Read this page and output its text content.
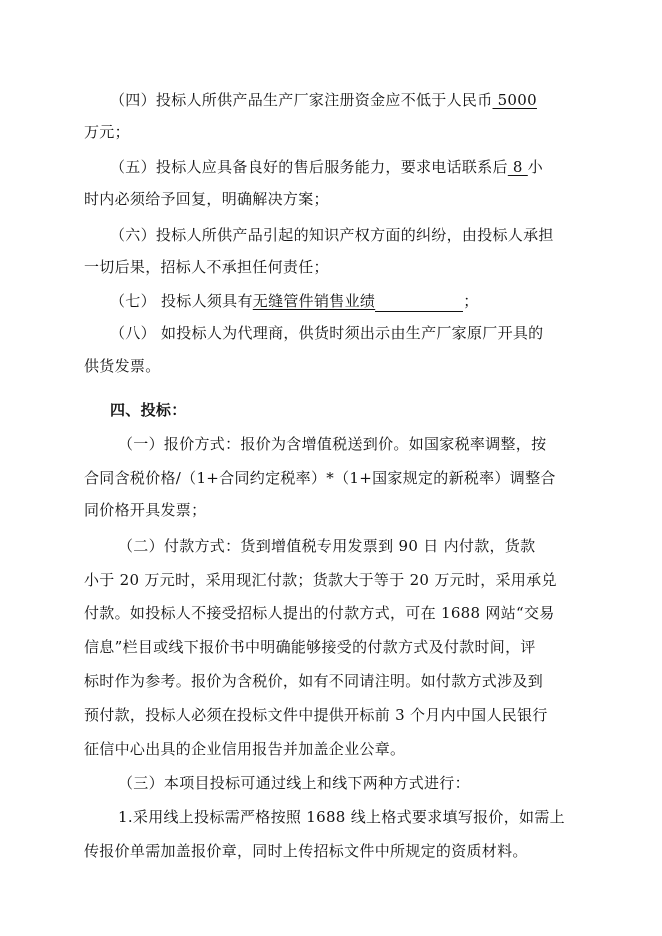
（四）投标人所供产品生产厂家注册资金应不低于人民币 5000
万元；
（五）投标人应具备良好的售后服务能力，要求电话联系后 8 小
时内必须给予回复，明确解决方案；
（六）投标人所供产品引起的知识产权方面的纠纷，由投标人承担
一切后果，招标人不承担任何责任；
（七） 投标人须具有无缝管件销售业绩	；
（八） 如投标人为代理商，供货时须出示由生产厂家原厂开具的
供货发票。
四、投标：
（一）报价方式：报价为含增值税送到价。如国家税率调整，按
合同含税价格/（1+合同约定税率）*（1+国家规定的新税率）调整合
同价格开具发票；
（二）付款方式：货到增值税专用发票到 90 日 内付款，货款
小于 20 万元时，采用现汇付款；货款大于等于 20 万元时，采用承兑
付款。如投标人不接受招标人提出的付款方式，可在 1688 网站“交易
信息”栏目或线下报价书中明确能够接受的付款方式及付款时间，评
标时作为参考。报价为含税价，如有不同请注明。如付款方式涉及到
预付款，投标人必须在投标文件中提供开标前 3 个月内中国人民银行
征信中心出具的企业信用报告并加盖企业公章。
（三）本项目投标可通过线上和线下两种方式进行：
1.采用线上投标需严格按照 1688 线上格式要求填写报价，如需上
传报价单需加盖报价章，同时上传招标文件中所规定的资质材料。
